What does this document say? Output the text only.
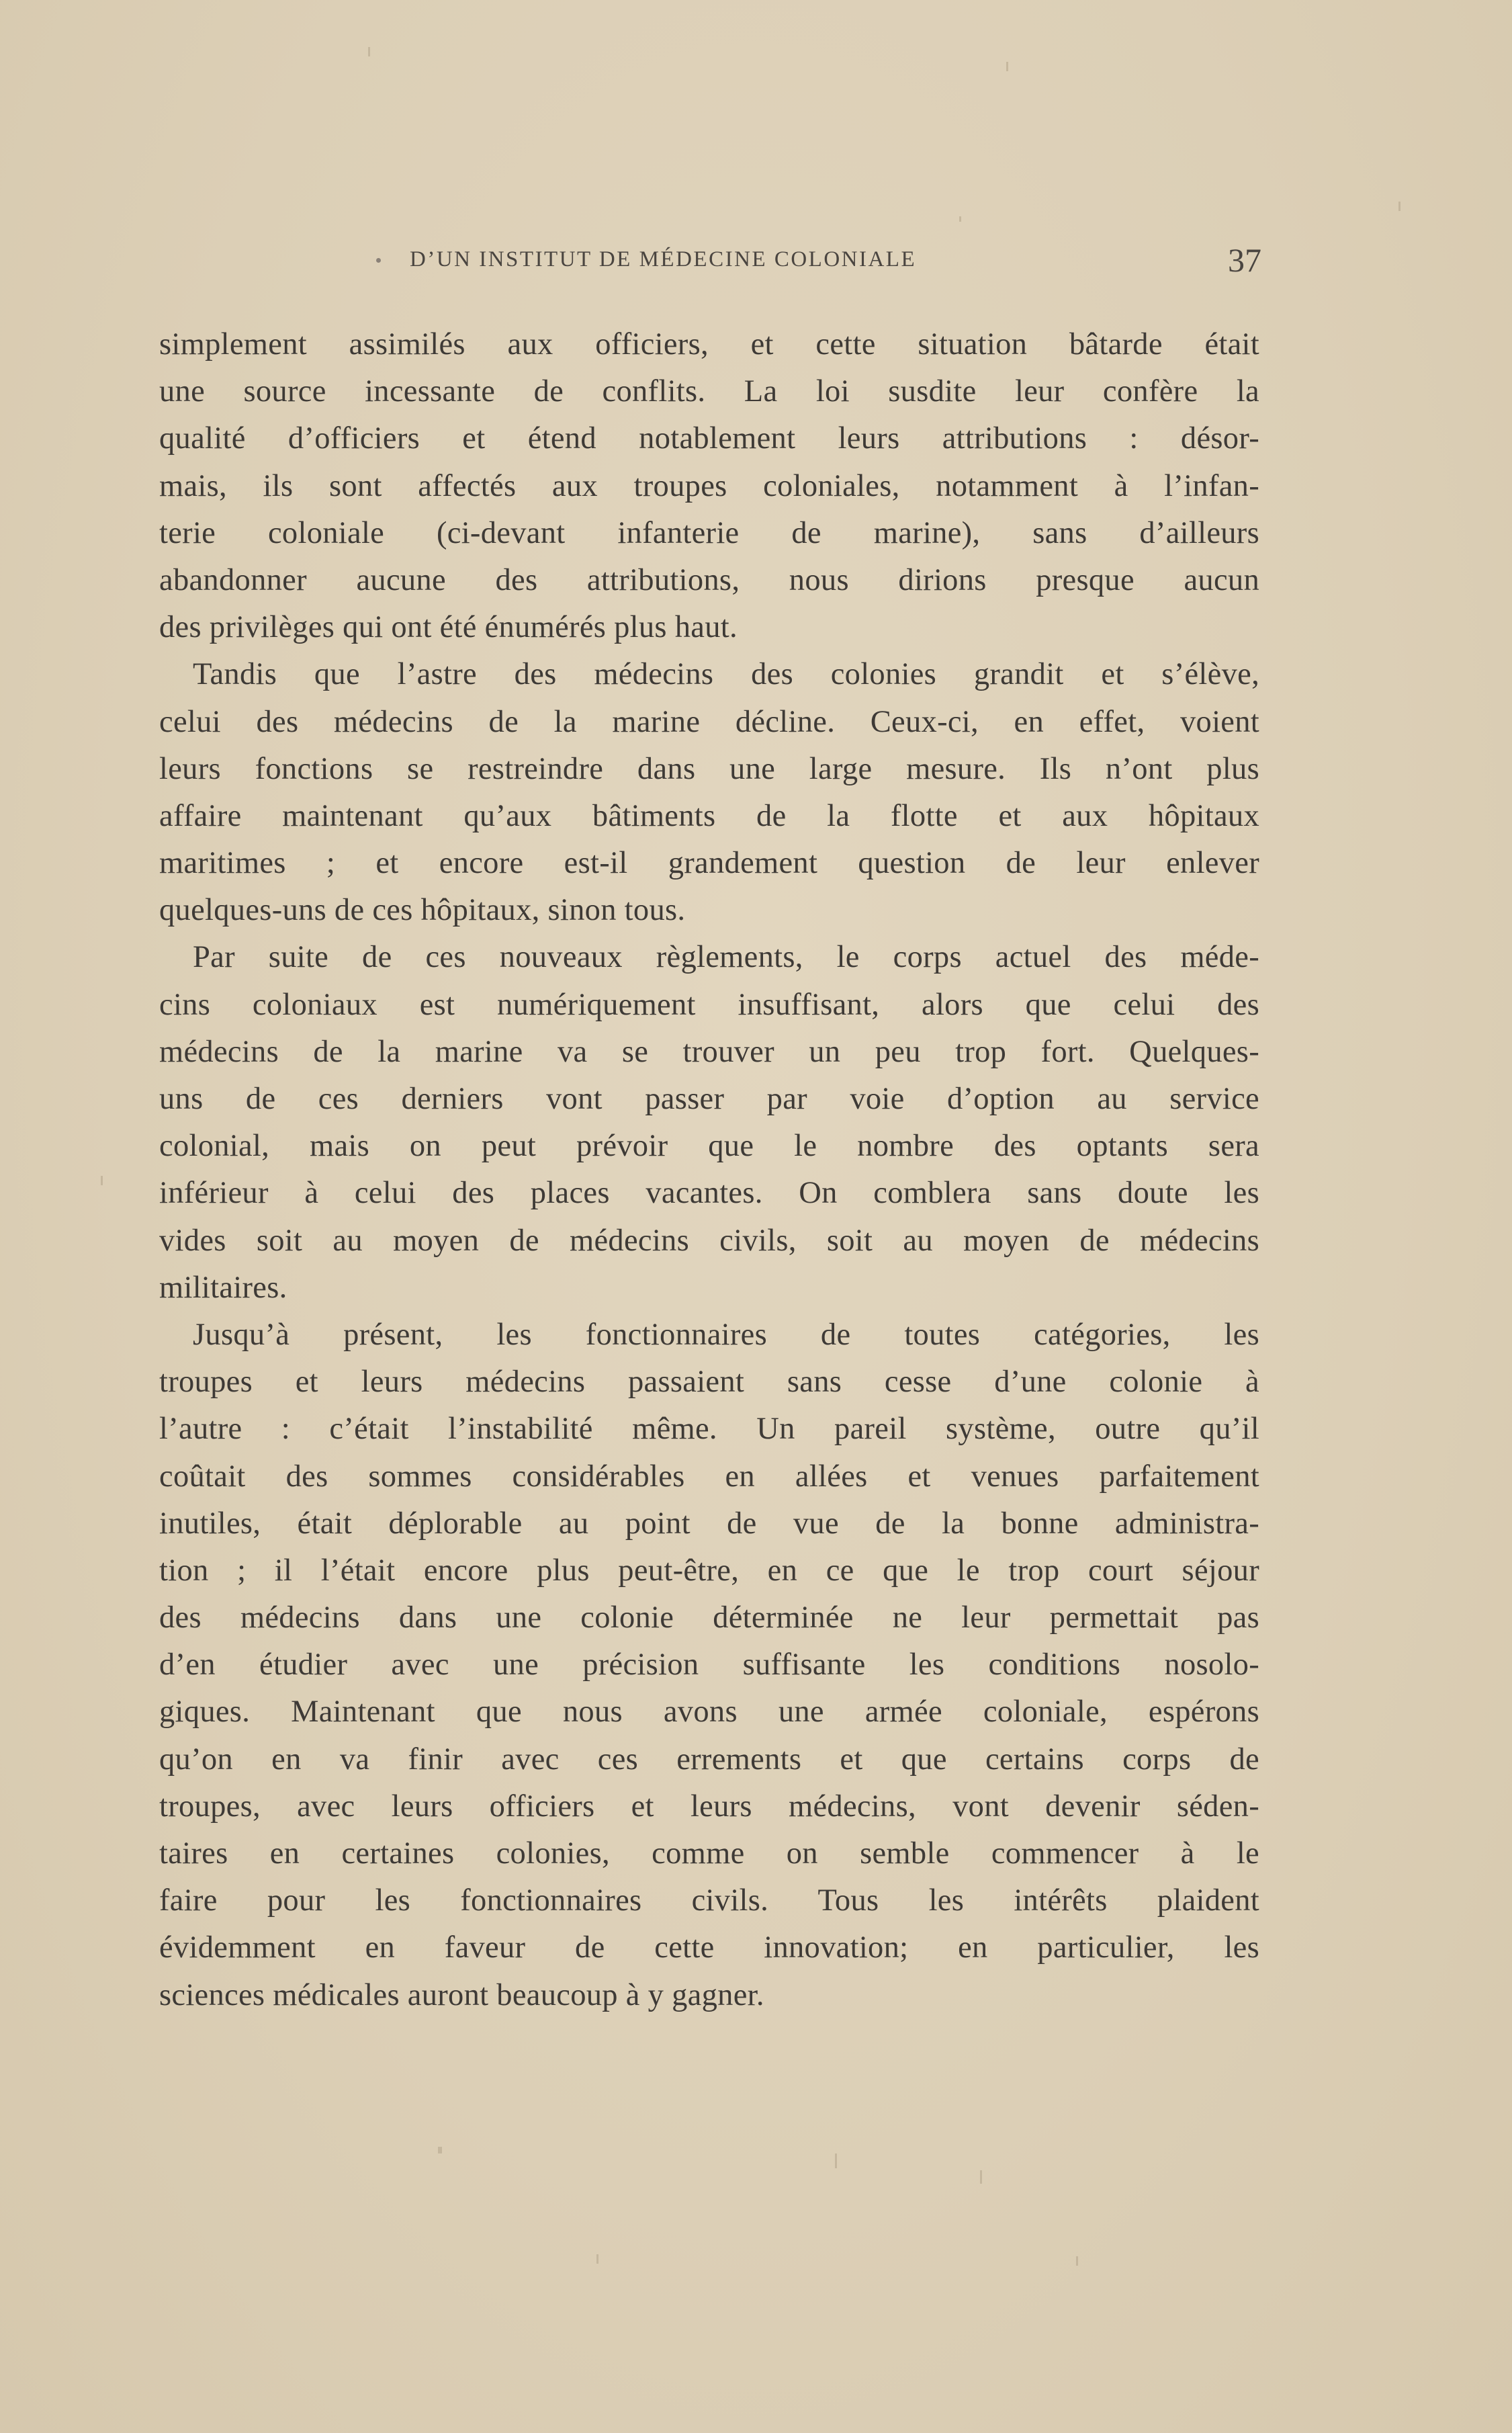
D’UN INSTITUT DE MÉDECINE COLONIALE	37
simplement assimilés aux officiers, et cette situation bâtarde était
une source incessante de conflits. La loi susdite leur confère la
qualité d’officiers et étend notablement leurs attributions : désor-
mais, ils sont affectés aux troupes coloniales, notamment à l’infan-
terie coloniale (ci-devant infanterie de marine), sans d’ailleurs
abandonner aucune des attributions, nous dirions presque aucun
des privilèges qui ont été énumérés plus haut.
Tandis que l’astre des médecins des colonies grandit et s’élève,
celui des médecins de la marine décline. Ceux-ci, en effet, voient
leurs fonctions se restreindre dans une large mesure. Ils n’ont plus
affaire maintenant qu’aux bâtiments de la flotte et aux hôpitaux
maritimes ; et encore est-il grandement question de leur enlever
quelques-uns de ces hôpitaux, sinon tous.
Par suite de ces nouveaux règlements, le corps actuel des méde-
cins coloniaux est numériquement insuffisant, alors que celui des
médecins de la marine va se trouver un peu trop fort. Quelques-
uns de ces derniers vont passer par voie d’option au service
colonial, mais on peut prévoir que le nombre des optants sera
inférieur à celui des places vacantes. On comblera sans doute les
vides soit au moyen de médecins civils, soit au moyen de médecins
militaires.
Jusqu’à présent, les fonctionnaires de toutes catégories, les
troupes et leurs médecins passaient sans cesse d’une colonie à
l’autre : c’était l’instabilité même. Un pareil système, outre qu’il
coûtait des sommes considérables en allées et venues parfaitement
inutiles, était déplorable au point de vue de la bonne administra-
tion ; il l’était encore plus peut-être, en ce que le trop court séjour
des médecins dans une colonie déterminée ne leur permettait pas
d’en étudier avec une précision suffisante les conditions nosolo-
giques. Maintenant que nous avons une armée coloniale, espérons
qu’on en va finir avec ces errements et que certains corps de
troupes, avec leurs officiers et leurs médecins, vont devenir séden-
taires en certaines colonies, comme on semble commencer à le
faire pour les fonctionnaires civils. Tous les intérêts plaident
évidemment en faveur de cette innovation; en particulier, les
sciences médicales auront beaucoup à y gagner.
